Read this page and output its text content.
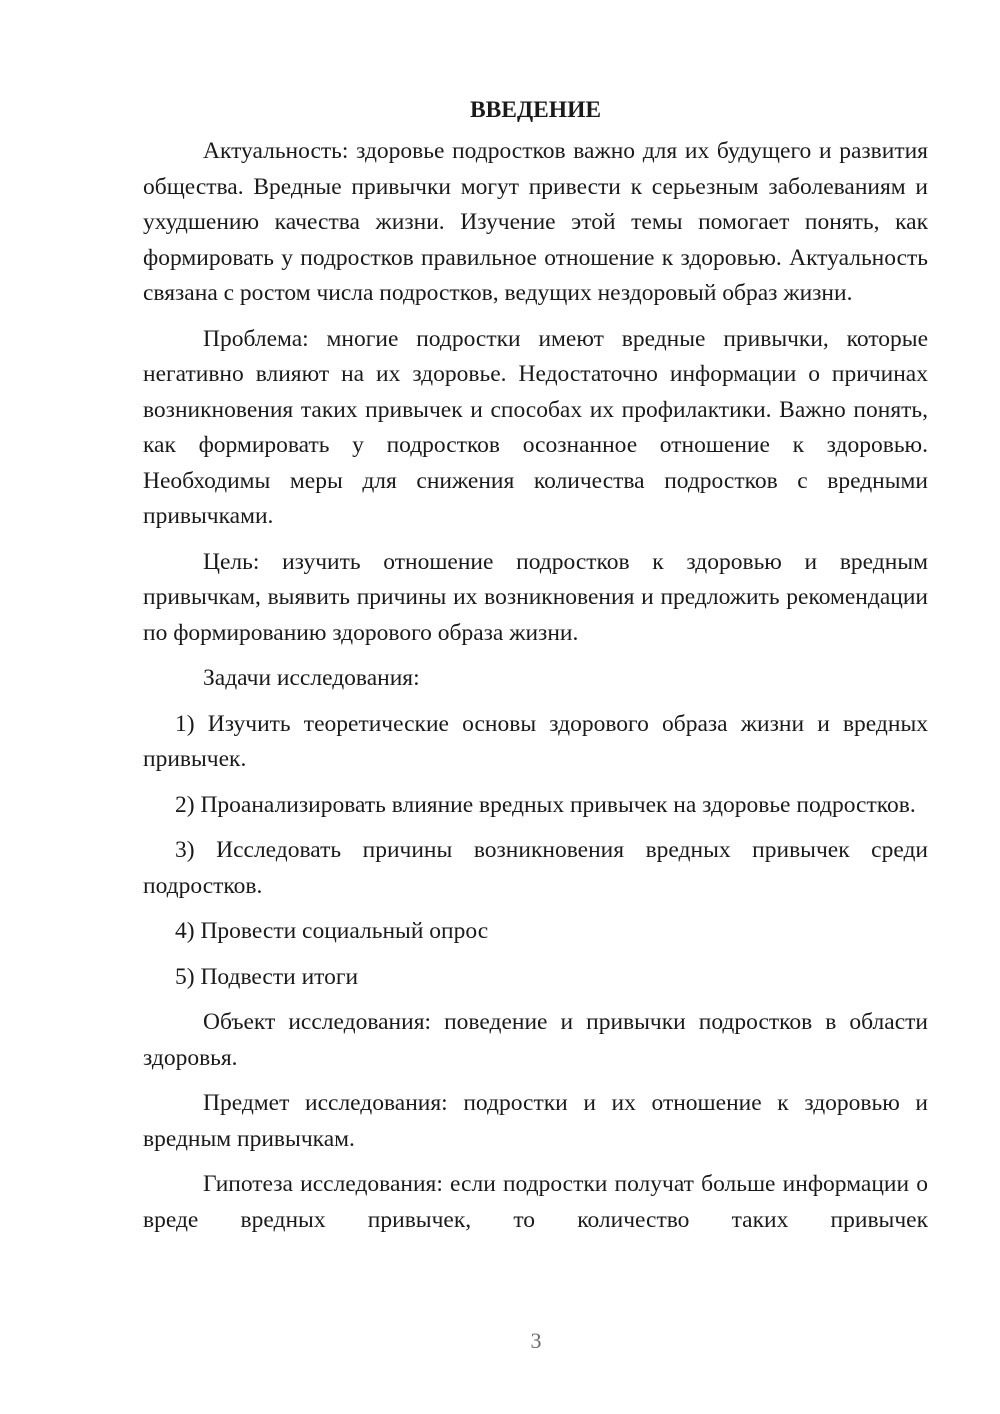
ВВЕДЕНИЕ

Актуальность: здоровье подростков важно для их будущего и развития общества. Вредные привычки могут привести к серьезным заболеваниям и ухудшению качества жизни. Изучение этой темы помогает понять, как формировать у подростков правильное отношение к здоровью. Актуальность связана с ростом числа подростков, ведущих нездоровый образ жизни.

Проблема: многие подростки имеют вредные привычки, которые негативно влияют на их здоровье. Недостаточно информации о причинах возникновения таких привычек и способах их профилактики. Важно понять, как формировать у подростков осознанное отношение к здоровью. Необходимы меры для снижения количества подростков с вредными привычками.

Цель: изучить отношение подростков к здоровью и вредным привычкам, выявить причины их возникновения и предложить рекомендации по формированию здорового образа жизни.

Задачи исследования:

1) Изучить теоретические основы здорового образа жизни и вредных привычек.

2) Проанализировать влияние вредных привычек на здоровье подростков.

3) Исследовать причины возникновения вредных привычек среди подростков.

4) Провести социальный опрос

5) Подвести итоги

Объект исследования: поведение и привычки подростков в области здоровья.

Предмет исследования: подростки и их отношение к здоровью и вредным привычкам.

Гипотеза исследования: если подростки получат больше информации о вреде вредных привычек, то количество таких привычек

3
